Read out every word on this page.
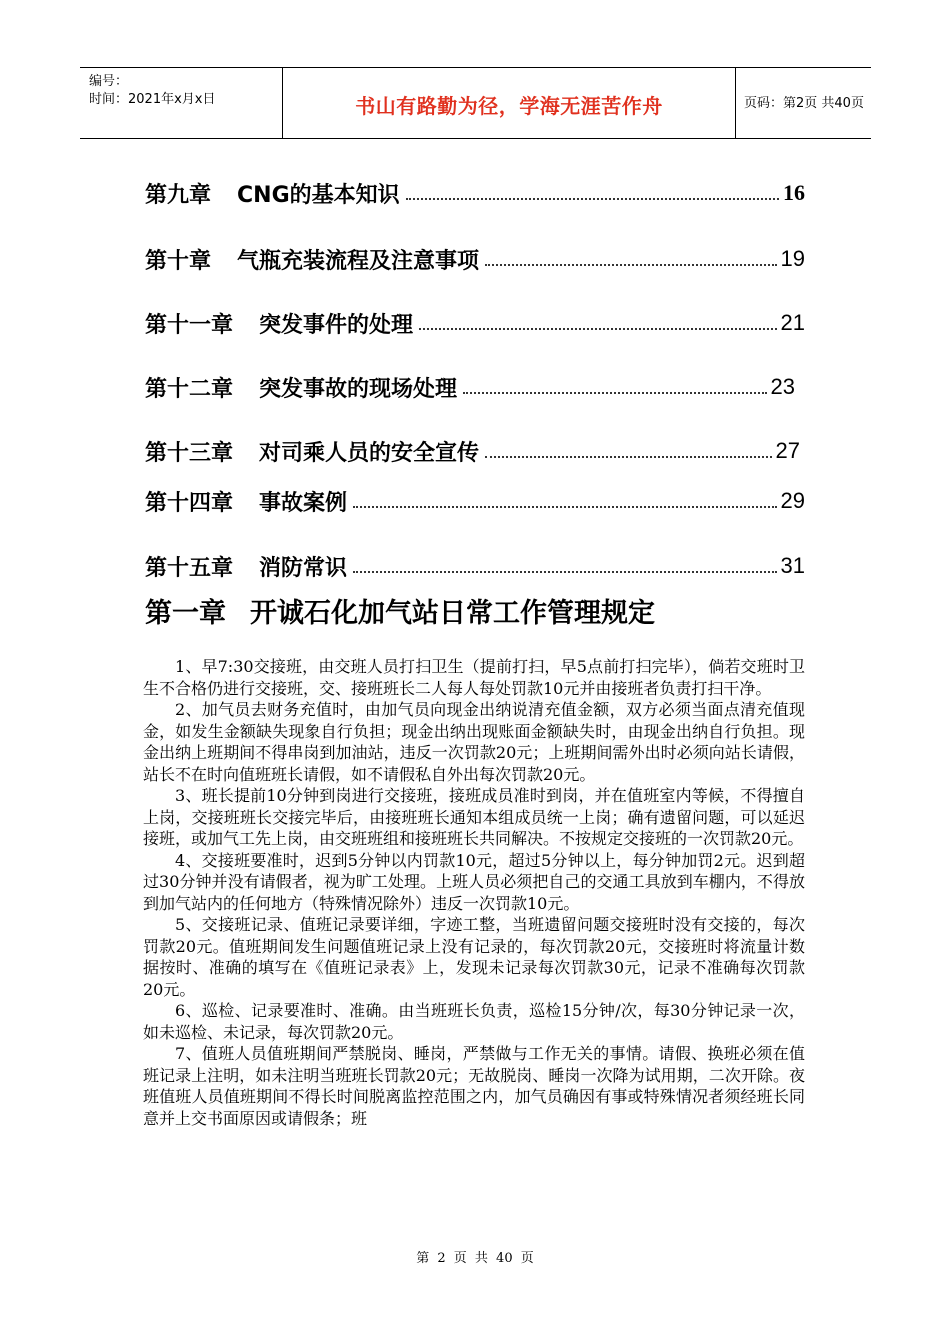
编号：
时间：2021年x月x日	书山有路勤为径，学海无涯苦作舟	页码：第2页 共40页
第九章 CNG的基本知识	16
第十章 气瓶充装流程及注意事项	19
第十一章 突发事件的处理	21
第十二章 突发事故的现场处理	23
第十三章 对司乘人员的安全宣传	27
第十四章 事故案例	29
第十五章 消防常识	31
第一章 开诚石化加气站日常工作管理规定

1、早7:30交接班，由交班人员打扫卫生（提前打扫，早5点前打扫完毕），倘若交班时卫生不合格仍进行交接班，交、接班班长二人每人每处罚款10元并由接班者负责打扫干净。

2、加气员去财务充值时，由加气员向现金出纳说清充值金额，双方必须当面点清充值现金，如发生金额缺失现象自行负担；现金出纳出现账面金额缺失时，由现金出纳自行负担。现金出纳上班期间不得串岗到加油站，违反一次罚款20元；上班期间需外出时必须向站长请假，站长不在时向值班班长请假，如不请假私自外出每次罚款20元。

3、班长提前10分钟到岗进行交接班，接班成员准时到岗，并在值班室内等候，不得擅自上岗，交接班班长交接完毕后，由接班班长通知本组成员统一上岗；确有遗留问题，可以延迟接班，或加气工先上岗，由交班班组和接班班长共同解决。不按规定交接班的一次罚款20元。

4、交接班要准时，迟到5分钟以内罚款10元，超过5分钟以上，每分钟加罚2元。迟到超过30分钟并没有请假者，视为旷工处理。上班人员必须把自己的交通工具放到车棚内，不得放到加气站内的任何地方（特殊情况除外）违反一次罚款10元。

5、交接班记录、值班记录要详细，字迹工整，当班遗留问题交接班时没有交接的，每次罚款20元。值班期间发生问题值班记录上没有记录的，每次罚款20元，交接班时将流量计数据按时、准确的填写在《值班记录表》上，发现未记录每次罚款30元，记录不准确每次罚款20元。

6、巡检、记录要准时、准确。由当班班长负责，巡检15分钟/次，每30分钟记录一次，如未巡检、未记录，每次罚款20元。

7、值班人员值班期间严禁脱岗、睡岗，严禁做与工作无关的事情。请假、换班必须在值班记录上注明，如未注明当班班长罚款20元；无故脱岗、睡岗一次降为试用期，二次开除。夜班值班人员值班期间不得长时间脱离监控范围之内，加气员确因有事或特殊情况者须经班长同意并上交书面原因或请假条；班

第 2 页 共 40 页
